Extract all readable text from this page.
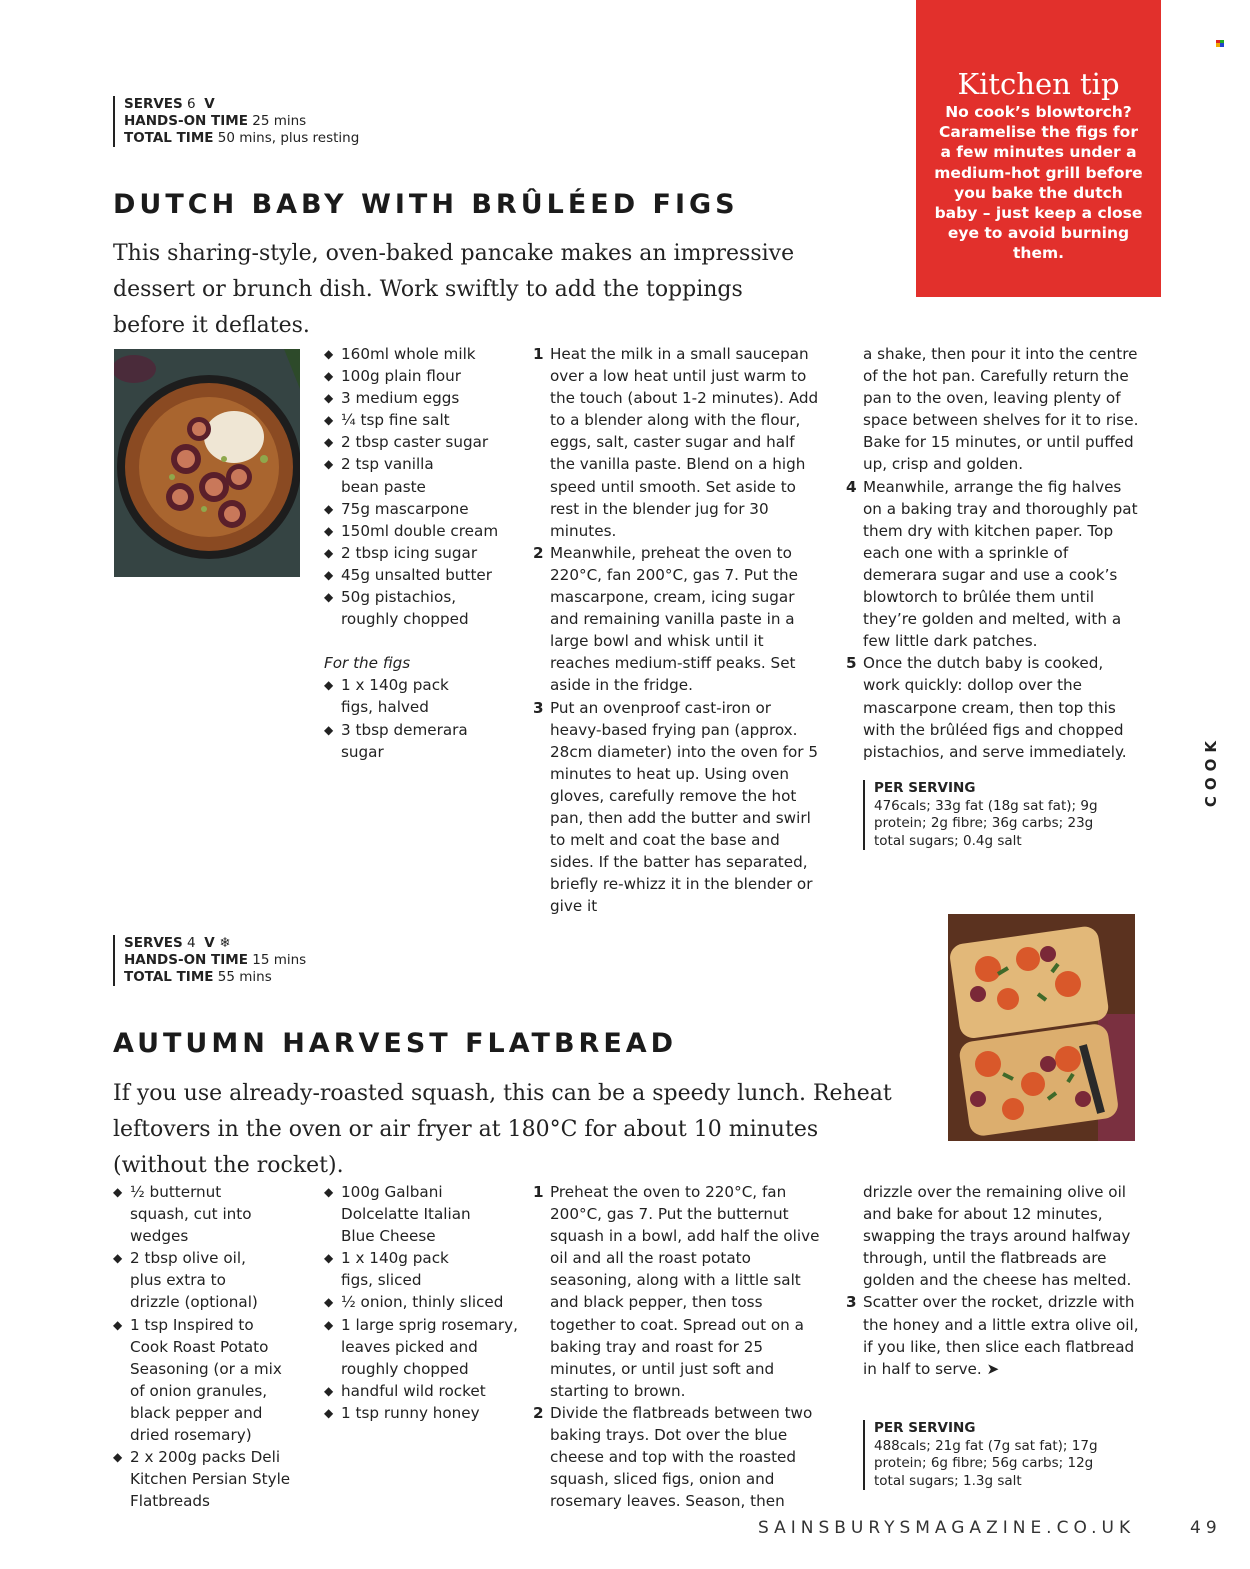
Kitchen tip
No cook’s blowtorch? Caramelise the figs for a few minutes under a medium-hot grill before you bake the dutch baby – just keep a close eye to avoid burning them.
SERVES 6 V
HANDS-ON TIME 25 mins
TOTAL TIME 50 mins, plus resting
DUTCH BABY WITH BRÛLÉED FIGS
This sharing-style, oven-baked pancake makes an impressive dessert or brunch dish. Work swiftly to add the toppings before it deflates.
◆ 160ml whole milk
◆ 100g plain flour
◆ 3 medium eggs
◆ ¼ tsp fine salt
◆ 2 tbsp caster sugar
◆ 2 tsp vanilla bean paste
◆ 75g mascarpone
◆ 150ml double cream
◆ 2 tbsp icing sugar
◆ 45g unsalted butter
◆ 50g pistachios, roughly chopped
For the figs
◆ 1 x 140g pack figs, halved
◆ 3 tbsp demerara sugar
1 Heat the milk in a small saucepan over a low heat until just warm to the touch (about 1-2 minutes). Add to a blender along with the flour, eggs, salt, caster sugar and half the vanilla paste. Blend on a high speed until smooth. Set aside to rest in the blender jug for 30 minutes.
2 Meanwhile, preheat the oven to 220°C, fan 200°C, gas 7. Put the mascarpone, cream, icing sugar and remaining vanilla paste in a large bowl and whisk until it reaches medium-stiff peaks. Set aside in the fridge.
3 Put an ovenproof cast-iron or heavy-based frying pan (approx. 28cm diameter) into the oven for 5 minutes to heat up. Using oven gloves, carefully remove the hot pan, then add the butter and swirl to melt and coat the base and sides. If the batter has separated, briefly re-whizz it in the blender or give it
a shake, then pour it into the centre of the hot pan. Carefully return the pan to the oven, leaving plenty of space between shelves for it to rise. Bake for 15 minutes, or until puffed up, crisp and golden.
4 Meanwhile, arrange the fig halves on a baking tray and thoroughly pat them dry with kitchen paper. Top each one with a sprinkle of demerara sugar and use a cook’s blowtorch to brûlée them until they’re golden and melted, with a few little dark patches.
5 Once the dutch baby is cooked, work quickly: dollop over the mascarpone cream, then top this with the brûléed figs and chopped pistachios, and serve immediately.
PER SERVING
476cals; 33g fat (18g sat fat); 9g protein; 2g fibre; 36g carbs; 23g total sugars; 0.4g salt
COOK
SERVES 4 V ❄
HANDS-ON TIME 15 mins
TOTAL TIME 55 mins
AUTUMN HARVEST FLATBREAD
If you use already-roasted squash, this can be a speedy lunch. Reheat leftovers in the oven or air fryer at 180°C for about 10 minutes (without the rocket).
◆ ½ butternut squash, cut into wedges
◆ 2 tbsp olive oil, plus extra to drizzle (optional)
◆ 1 tsp Inspired to Cook Roast Potato Seasoning (or a mix of onion granules, black pepper and dried rosemary)
◆ 2 x 200g packs Deli Kitchen Persian Style Flatbreads
◆ 100g Galbani Dolcelatte Italian Blue Cheese
◆ 1 x 140g pack figs, sliced
◆ ½ onion, thinly sliced
◆ 1 large sprig rosemary, leaves picked and roughly chopped
◆ handful wild rocket
◆ 1 tsp runny honey
1 Preheat the oven to 220°C, fan 200°C, gas 7. Put the butternut squash in a bowl, add half the olive oil and all the roast potato seasoning, along with a little salt and black pepper, then toss together to coat. Spread out on a baking tray and roast for 25 minutes, or until just soft and starting to brown.
2 Divide the flatbreads between two baking trays. Dot over the blue cheese and top with the roasted squash, sliced figs, onion and rosemary leaves. Season, then
drizzle over the remaining olive oil and bake for about 12 minutes, swapping the trays around halfway through, until the flatbreads are golden and the cheese has melted.
3 Scatter over the rocket, drizzle with the honey and a little extra olive oil, if you like, then slice each flatbread in half to serve. ➤
PER SERVING
488cals; 21g fat (7g sat fat); 17g protein; 6g fibre; 56g carbs; 12g total sugars; 1.3g salt
SAINSBURYSMAGAZINE.CO.UK	49
